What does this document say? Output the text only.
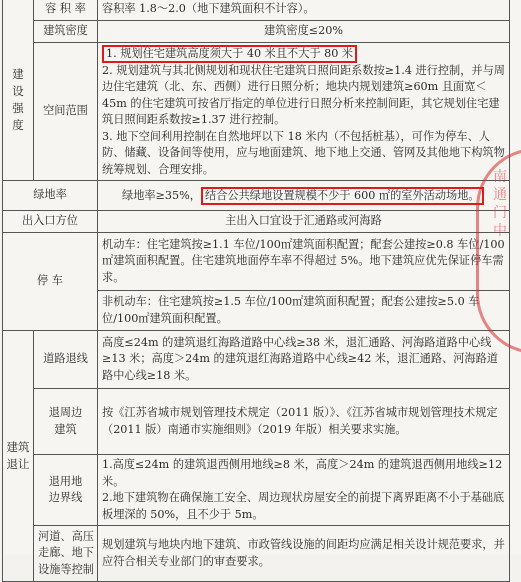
	容 积 率	容积率 1.8～2.0（地下建筑面积不计容）。

建设强度	建筑密度	建筑密度≤20%
	空间范围	1. 规划住宅建筑高度须大于 40 米且不大于 80 米

2. 规划建筑与其北侧规划和现状住宅建筑日照间距系数按≥1.4 进行控制，并与周边住宅建筑（北、东、西侧）进行日照分析；地块内规划建筑≥60m 且面宽＜45m 的住宅建筑可按省厅指定的单位进行日照分析来控制间距，其它规划住宅建筑日照间距系数按≥1.37 进行控制。

3. 地下空间利用控制在自然地坪以下 18 米内（不包括桩基），可作为停车、人防、储藏、设备间等使用，应与地面建筑、地下地上交通、管网及其他地下构筑物统筹规划、合理安排。

绿地率		绿地率≥35%， 结合公共绿地设置规模不少于 600 ㎡的室外活动场地。
出入口方位		主出入口宜设于汇通路或河海路
停 车		机动车：住宅建筑按≥1.1 车位/100㎡建筑面积配置；配套公建按≥0.8 车位/100㎡建筑面积配置。住宅建筑地面停车率不得超过 5%。地下建筑应优先保证停车需求。
		非机动车：住宅建筑按≥1.5 车位/100㎡建筑面积配置；配套公建按≥5.0 车位/100㎡建筑面积配置。

建筑退让	道路退线	高度≤24m 的建筑退红海路道路中心线≥38 米，退汇通路、河海路道路中心线≥13 米；高度＞24m 的建筑退红海路道路中心线≥42 米，退汇通路、河海路道路中心线≥18 米。

	退周边建筑	按《江苏省城市规划管理技术规定（2011 版）》、《江苏省城市规划管理技术规定（2011 版）南通市实施细则》（2019 年版）相关要求实施。

	退用地边界线	1.高度≤24m 的建筑退西侧用地线≥8 米，高度＞24m 的建筑退西侧用地线≥12 米。

2.地下建筑物在确保施工安全、周边现状房屋安全的前提下离界距离不小于基础底板埋深的 50%，且不少于 5m。

	河道、高压走廊、地下设施等控制	规划建筑与地块内地下建筑、市政管线设施的间距均应满足相关设计规范要求，并应符合相关专业部门的审查要求。
南通门中
